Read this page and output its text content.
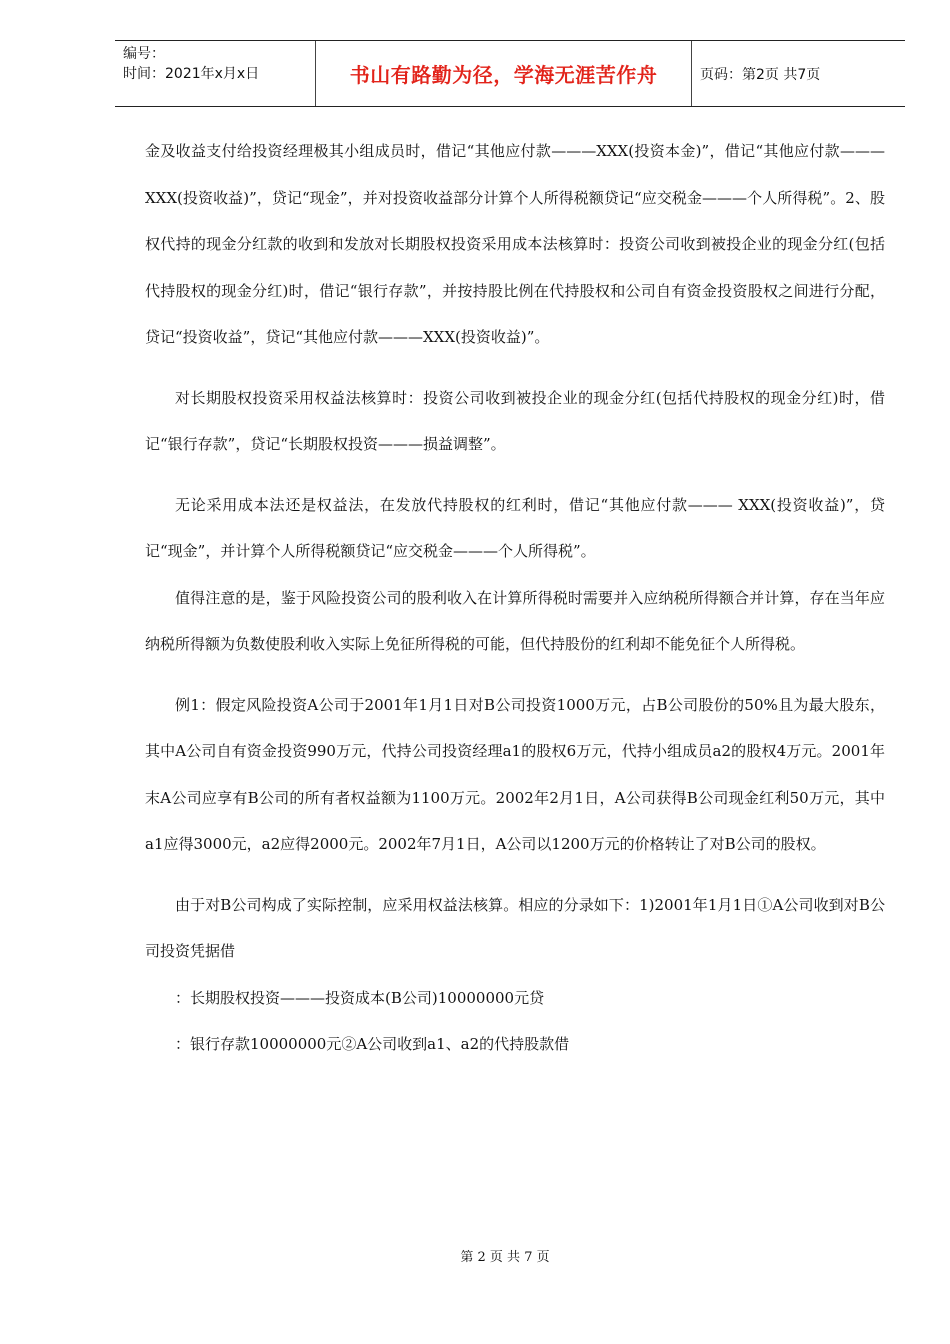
编号：
时间：2021年x月x日	书山有路勤为径，学海无涯苦作舟	页码：第2页 共7页

金及收益支付给投资经理极其小组成员时，借记“其他应付款———XXX(投资本金)”，借记“其他应付款———XXX(投资收益)”，贷记“现金”，并对投资收益部分计算个人所得税额贷记“应交税金———个人所得税”。2、股权代持的现金分红款的收到和发放对长期股权投资采用成本法核算时：投资公司收到被投企业的现金分红(包括代持股权的现金分红)时，借记“银行存款”，并按持股比例在代持股权和公司自有资金投资股权之间进行分配，贷记“投资收益”，贷记“其他应付款———XXX(投资收益)”。

对长期股权投资采用权益法核算时：投资公司收到被投企业的现金分红(包括代持股权的现金分红)时，借记“银行存款”，贷记“长期股权投资———损益调整”。

无论采用成本法还是权益法，在发放代持股权的红利时，借记“其他应付款——— XXX(投资收益)”，贷记“现金”，并计算个人所得税额贷记“应交税金———个人所得税”。

值得注意的是，鉴于风险投资公司的股利收入在计算所得税时需要并入应纳税所得额合并计算，存在当年应纳税所得额为负数使股利收入实际上免征所得税的可能，但代持股份的红利却不能免征个人所得税。

例1：假定风险投资A公司于2001年1月1日对B公司投资1000万元，占B公司股份的50%且为最大股东，其中A公司自有资金投资990万元，代持公司投资经理a1的股权6万元，代持小组成员a2的股权4万元。2001年末A公司应享有B公司的所有者权益额为1100万元。2002年2月1日，A公司获得B公司现金红利50万元，其中a1应得3000元，a2应得2000元。2002年7月1日，A公司以1200万元的价格转让了对B公司的股权。

由于对B公司构成了实际控制，应采用权益法核算。相应的分录如下：1)2001年1月1日①A公司收到对B公司投资凭据借

：长期股权投资———投资成本(B公司)10000000元贷

：银行存款10000000元②A公司收到a1、a2的代持股款借

第 2 页 共 7 页
